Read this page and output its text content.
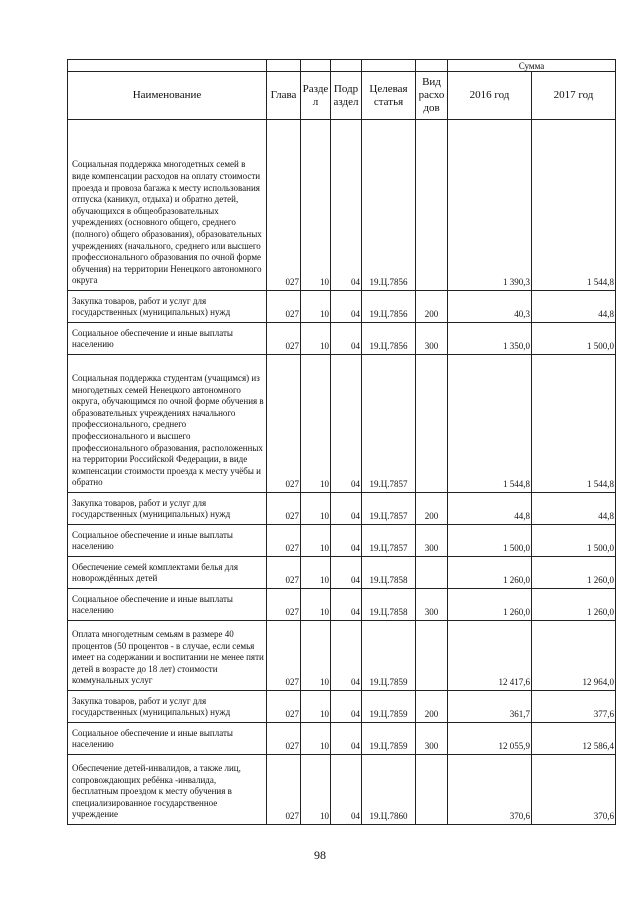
						Сумма	
Наименование	Глава	Разде л	Подр аздел	Целевая статья	Вид расхо дов	2016 год	2017 год
Социальная поддержка многодетных семей в виде компенсации расходов на оплату стоимости проезда и провоза багажа к месту использования отпуска (каникул, отдыха) и обратно детей, обучающихся в общеобразовательных учреждениях (основного общего, среднего (полного) общего образования), образовательных учреждениях (начального, среднего или высшего профессионального образования по очной форме обучения) на территории Ненецкого автономного округа	027	10	04	19.Ц.7856		1 390,3	1 544,8
Закупка товаров, работ и услуг для государственных (муниципальных) нужд	027	10	04	19.Ц.7856	200	40,3	44,8
Социальное обеспечение и иные выплаты населению	027	10	04	19.Ц.7856	300	1 350,0	1 500,0
Социальная поддержка студентам (учащимся) из многодетных семей Ненецкого автономного округа, обучающимся по очной форме обучения в образовательных учреждениях начального профессионального, среднего профессионального и высшего профессионального образования, расположенных на территории Российской Федерации, в виде компенсации стоимости проезда к месту учёбы и обратно	027	10	04	19.Ц.7857		1 544,8	1 544,8
Закупка товаров, работ и услуг для государственных (муниципальных) нужд	027	10	04	19.Ц.7857	200	44,8	44,8
Социальное обеспечение и иные выплаты населению	027	10	04	19.Ц.7857	300	1 500,0	1 500,0
Обеспечение семей комплектами белья для новорождённых детей	027	10	04	19.Ц.7858		1 260,0	1 260,0
Социальное обеспечение и иные выплаты населению	027	10	04	19.Ц.7858	300	1 260,0	1 260,0
Оплата многодетным семьям в размере 40 процентов (50 процентов - в случае, если семья имеет на содержании и воспитании не менее пяти детей в возрасте до 18 лет) стоимости коммунальных услуг	027	10	04	19.Ц.7859		12 417,6	12 964,0
Закупка товаров, работ и услуг для государственных (муниципальных) нужд	027	10	04	19.Ц.7859	200	361,7	377,6
Социальное обеспечение и иные выплаты населению	027	10	04	19.Ц.7859	300	12 055,9	12 586,4
Обеспечение детей-инвалидов, а также лиц, сопровождающих ребёнка -инвалида, бесплатным проездом к месту обучения в специализированное государственное учреждение	027	10	04	19.Ц.7860		370,6	370,6
98
